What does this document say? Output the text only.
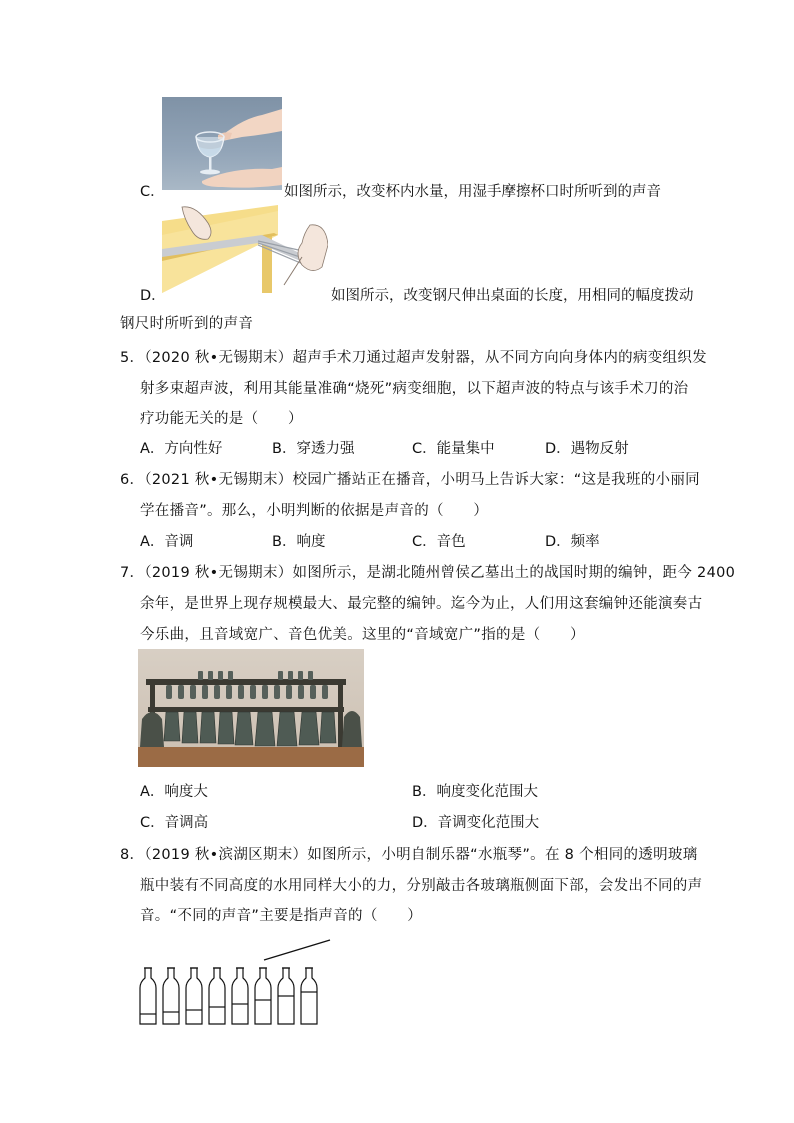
C．	如图所示，改变杯内水量，用湿手摩擦杯口时所听到的声音
D．	如图所示，改变钢尺伸出桌面的长度，用相同的幅度拨动
钢尺时所听到的声音
5．（2020 秋•无锡期末）超声手术刀通过超声发射器，从不同方向向身体内的病变组织发
射多束超声波，利用其能量准确“烧死”病变细胞，以下超声波的特点与该手术刀的治
疗功能无关的是（　　）
A．方向性好	B．穿透力强	C．能量集中	D．遇物反射
6．（2021 秋•无锡期末）校园广播站正在播音，小明马上告诉大家：“这是我班的小丽同
学在播音”。那么，小明判断的依据是声音的（　　）
A．音调	B．响度	C．音色	D．频率
7．（2019 秋•无锡期末）如图所示，是湖北随州曾侯乙墓出土的战国时期的编钟，距今 2400
余年，是世界上现存规模最大、最完整的编钟。迄今为止，人们用这套编钟还能演奏古
今乐曲，且音域宽广、音色优美。这里的“音域宽广”指的是（　　）
A．响度大	B．响度变化范围大
C．音调高	D．音调变化范围大
8．（2019 秋•滨湖区期末）如图所示，小明自制乐器“水瓶琴”。在 8 个相同的透明玻璃
瓶中装有不同高度的水用同样大小的力，分别敲击各玻璃瓶侧面下部，会发出不同的声
音。“不同的声音”主要是指声音的（　　）
